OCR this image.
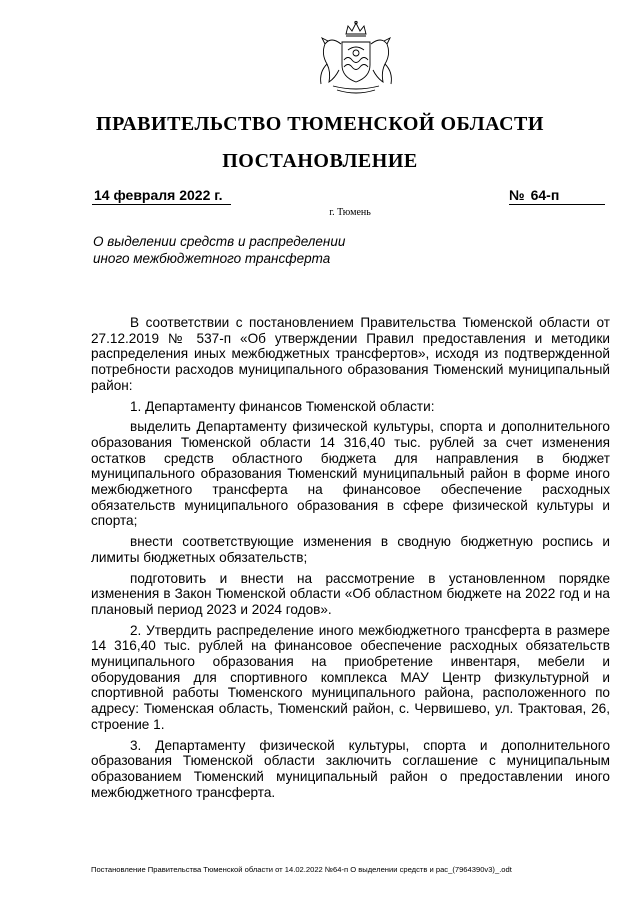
ПРАВИТЕЛЬСТВО ТЮМЕНСКОЙ ОБЛАСТИ
ПОСТАНОВЛЕНИЕ
14 февраля 2022 г.	№ 64-п
г. Тюмень
О выделении средств и распределении
иного межбюджетного трансферта

В соответствии с постановлением Правительства Тюменской области от 27.12.2019 № 537-п «Об утверждении Правил предоставления и методики распределения иных межбюджетных трансфертов», исходя из подтвержденной потребности расходов муниципального образования Тюменский муниципальный район:

1. Департаменту финансов Тюменской области:

выделить Департаменту физической культуры, спорта и дополнительного образования Тюменской области 14 316,40 тыс. рублей за счет изменения остатков средств областного бюджета для направления в бюджет муниципального образования Тюменский муниципальный район в форме иного межбюджетного трансферта на финансовое обеспечение расходных обязательств муниципального образования в сфере физической культуры и спорта;

внести соответствующие изменения в сводную бюджетную роспись и лимиты бюджетных обязательств;

подготовить и внести на рассмотрение в установленном порядке изменения в Закон Тюменской области «Об областном бюджете на 2022 год и на плановый период 2023 и 2024 годов».

2. Утвердить распределение иного межбюджетного трансферта в размере 14 316,40 тыс. рублей на финансовое обеспечение расходных обязательств муниципального образования на приобретение инвентаря, мебели и оборудования для спортивного комплекса МАУ Центр физкультурной и спортивной работы Тюменского муниципального района, расположенного по адресу: Тюменская область, Тюменский район, с. Червишево, ул. Трактовая, 26, строение 1.

3. Департаменту физической культуры, спорта и дополнительного образования Тюменской области заключить соглашение с муниципальным образованием Тюменский муниципальный район о предоставлении иного межбюджетного трансферта.

Постановление Правительства Тюменской области от 14.02.2022 №64-п О выделении средств и рас_(7964390v3)_.odt
